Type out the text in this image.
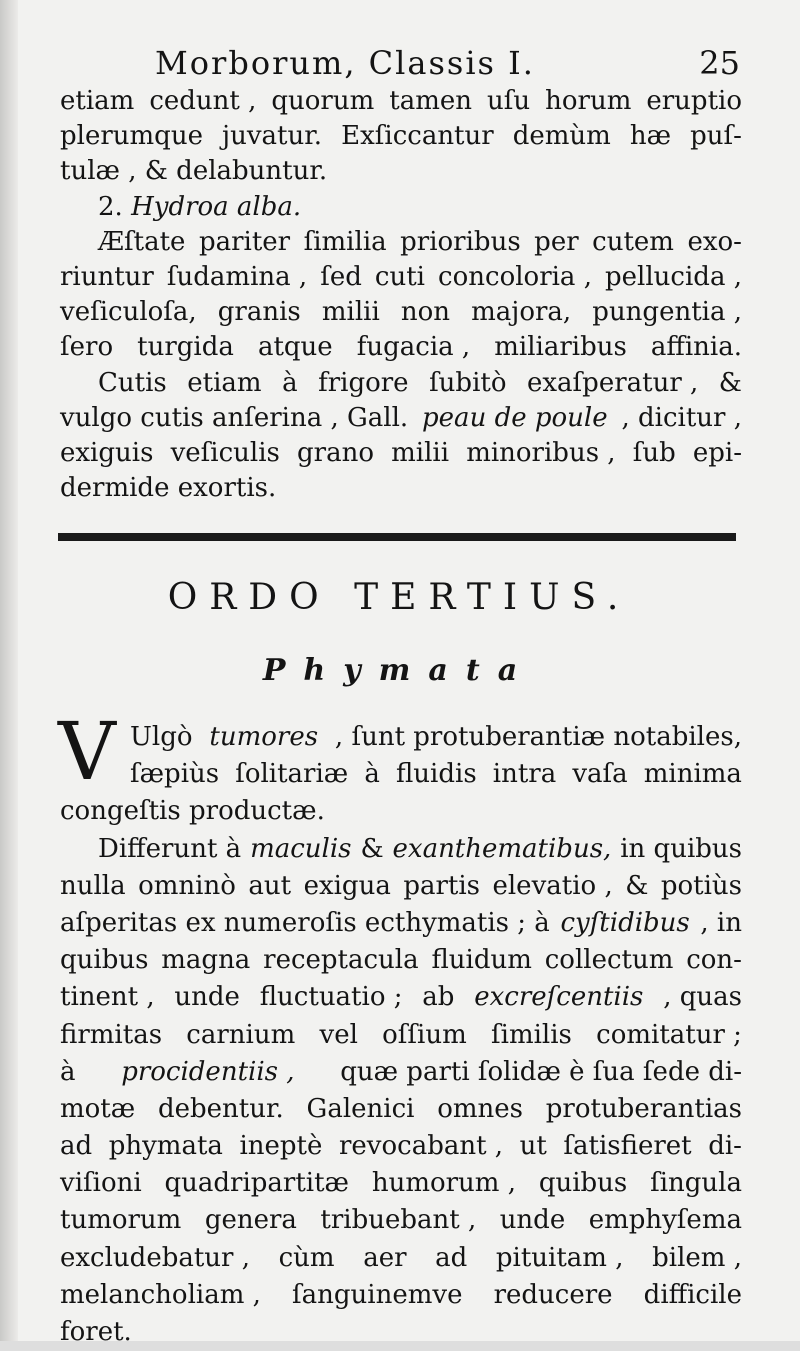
Morborum, Classis I.	25
etiam cedunt , quorum tamen uſu horum eruptio
plerumque juvatur. Exſiccantur demùm hæ puſ-
tulæ ,
&
delabuntur.
2.
Hydroa alba.
Æſtate pariter ſimilia prioribus per cutem exo-
riuntur ſudamina , ſed cuti concoloria , pellucida ,
veſiculoſa, granis milii non majora, pungentia ,
ſero turgida atque fugacia , miliaribus affinia.
Cutis etiam à frigore ſubitò exaſperatur , &
vulgo cutis anſerina , Gall. peau de poule , dicitur ,
exiguis veſiculis grano milii minoribus , ſub epi-
dermide
exortis.
ORDO TERTIUS.
Phymata
V Ulgò tumores , ſunt protuberantiæ notabiles,
ſæpiùs ſolitariæ à fluidis intra vaſa minima
congeſtis
productæ.
Differunt à maculis & exanthematibus, in quibus
nulla omninò aut exigua partis elevatio , & potiùs
aſperitas ex numeroſis ecthymatis ; à cyſtidibus , in
quibus magna receptacula fluidum collectum con-
tinent , unde fluctuatio ; ab excreſcentiis , quas
firmitas carnium vel oſſium ſimilis comitatur ;
à procidentiis , quæ parti ſolidæ è ſua ſede di-
motæ debentur. Galenici omnes protuberantias
ad phymata ineptè revocabant , ut ſatisfieret di-
viſioni quadripartitæ humorum , quibus ſingula
tumorum genera tribuebant , unde emphyſema
excludebatur , cùm aer ad pituitam , bilem ,
melancholiam , ſanguinemve reducere difficile
foret.
